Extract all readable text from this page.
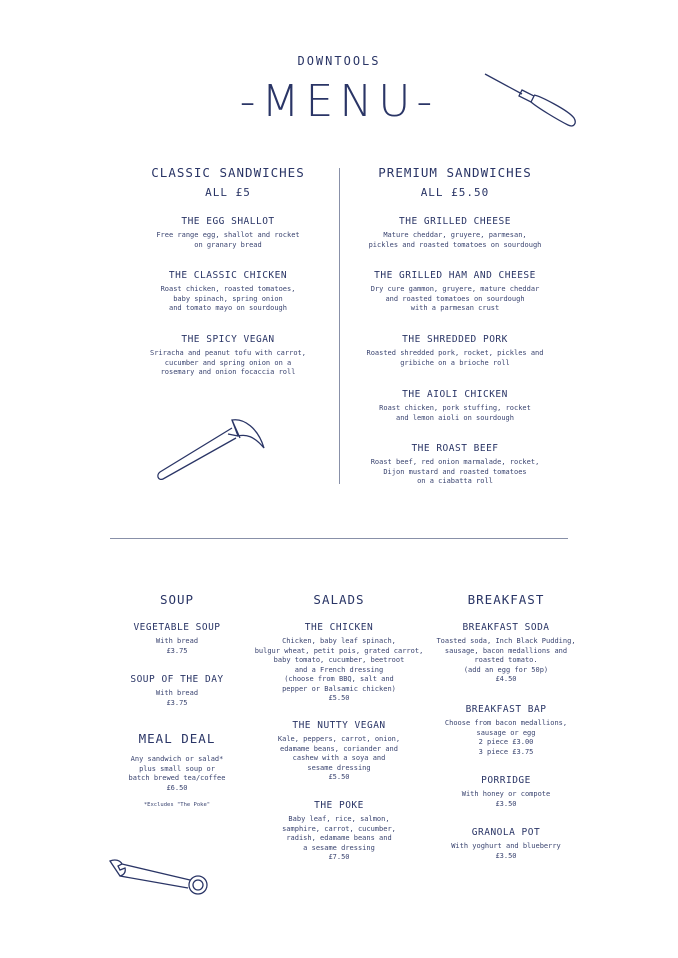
DOWNTOOLS
-MENU-
CLASSIC SANDWICHES
ALL £5
THE EGG SHALLOT
Free range egg, shallot and rocket
on granary bread
THE CLASSIC CHICKEN
Roast chicken, roasted tomatoes,
baby spinach, spring onion
and tomato mayo on sourdough
THE SPICY VEGAN
Sriracha and peanut tofu with carrot,
cucumber and spring onion on a
rosemary and onion focaccia roll
PREMIUM SANDWICHES
ALL £5.50
THE GRILLED CHEESE
Mature cheddar, gruyere, parmesan,
pickles and roasted tomatoes on sourdough
THE GRILLED HAM AND CHEESE
Dry cure gammon, gruyere, mature cheddar
and roasted tomatoes on sourdough
with a parmesan crust
THE SHREDDED PORK
Roasted shredded pork, rocket, pickles and
gribiche on a brioche roll
THE AIOLI CHICKEN
Roast chicken, pork stuffing, rocket
and lemon aioli on sourdough
THE ROAST BEEF
Roast beef, red onion marmalade, rocket,
Dijon mustard and roasted tomatoes
on a ciabatta roll
SOUP
VEGETABLE SOUP
With bread
£3.75
SOUP OF THE DAY
With bread
£3.75
MEAL DEAL
Any sandwich or salad*
plus small soup or
batch brewed tea/coffee
£6.50
*Excludes "The Poke"
SALADS
THE CHICKEN
Chicken, baby leaf spinach,
bulgur wheat, petit pois, grated carrot,
baby tomato, cucumber, beetroot
and a French dressing
(choose from BBQ, salt and
pepper or Balsamic chicken)
£5.50
THE NUTTY VEGAN
Kale, peppers, carrot, onion,
edamame beans, coriander and
cashew with a soya and
sesame dressing
£5.50
THE POKE
Baby leaf, rice, salmon,
samphire, carrot, cucumber,
radish, edamame beans and
a sesame dressing
£7.50
BREAKFAST
BREAKFAST SODA
Toasted soda, Inch Black Pudding,
sausage, bacon medallions and
roasted tomato.
(add an egg for 50p)
£4.50
BREAKFAST BAP
Choose from bacon medallions,
sausage or egg
2 piece £3.00
3 piece £3.75
PORRIDGE
With honey or compote
£3.50
GRANOLA POT
With yoghurt and blueberry
£3.50
